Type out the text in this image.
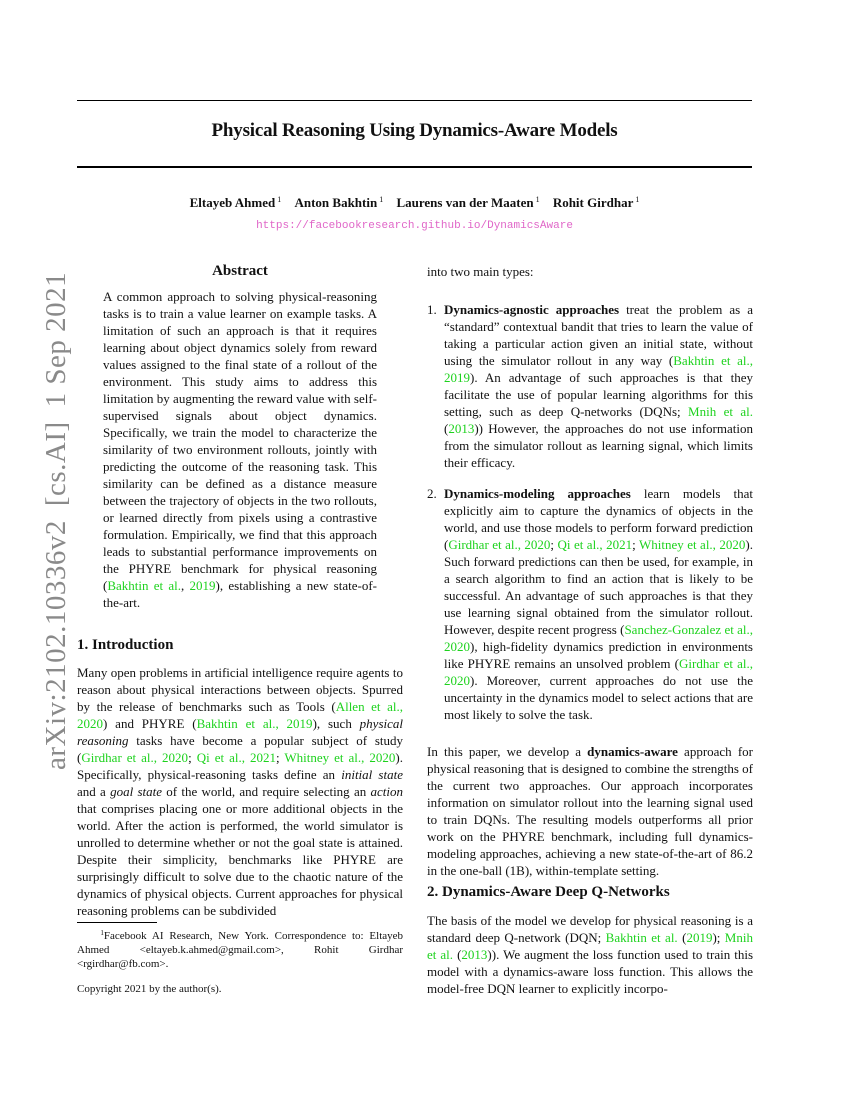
arXiv:2102.10336v2[cs.AI]1 Sep 2021
Physical Reasoning Using Dynamics-Aware Models
Eltayeb Ahmed $^1$ Anton Bakhtin $^1$ Laurens van der Maaten $^1$ Rohit Girdhar $^1$
https://facebookresearch.github.io/DynamicsAware
Abstract
A common approach to solving physical-reasoning tasks is to train a value learner on example tasks. A limitation of such an approach is that it requires learning about object dynamics solely from reward values assigned to the final state of a rollout of the environment. This study aims to address this limitation by augmenting the reward value with self-supervised signals about object dynamics. Specifically, we train the model to characterize the similarity of two environment rollouts, jointly with predicting the outcome of the reasoning task. This similarity can be defined as a distance measure between the trajectory of objects in the two rollouts, or learned directly from pixels using a contrastive formulation. Empirically, we find that this approach leads to substantial performance improvements on the PHYRE benchmark for physical reasoning (Bakhtin et al., 2019), establishing a new state-of-the-art.
1. Introduction

Many open problems in artificial intelligence require agents to reason about physical interactions between objects. Spurred by the release of benchmarks such as Tools (Allen et al., 2020) and PHYRE (Bakhtin et al., 2019), such physical reasoning tasks have become a popular subject of study (Girdhar et al., 2020; Qi et al., 2021; Whitney et al., 2020). Specifically, physical-reasoning tasks define an initial state and a goal state of the world, and require selecting an action that comprises placing one or more additional objects in the world. After the action is performed, the world simulator is unrolled to determine whether or not the goal state is attained. Despite their simplicity, benchmarks like PHYRE are surprisingly difficult to solve due to the chaotic nature of the dynamics of physical objects. Current approaches for physical reasoning problems can be subdivided

$^1$Facebook AI Research, New York. Correspondence to: Eltayeb Ahmed <eltayeb.k.ahmed@gmail.com>, Rohit Girdhar <rgirdhar@fb.com>.
Copyright 2021 by the author(s).

into two main types:

1. Dynamics-agnostic approaches treat the problem as a “standard” contextual bandit that tries to learn the value of taking a particular action given an initial state, without using the simulator rollout in any way (Bakhtin et al., 2019). An advantage of such approaches is that they facilitate the use of popular learning algorithms for this setting, such as deep Q-networks (DQNs; Mnih et al. (2013)) However, the approaches do not use information from the simulator rollout as learning signal, which limits their efficacy.
2. Dynamics-modeling approaches learn models that explicitly aim to capture the dynamics of objects in the world, and use those models to perform forward prediction (Girdhar et al., 2020; Qi et al., 2021; Whitney et al., 2020). Such forward predictions can then be used, for example, in a search algorithm to find an action that is likely to be successful. An advantage of such approaches is that they use learning signal obtained from the simulator rollout. However, despite recent progress (Sanchez-Gonzalez et al., 2020), high-fidelity dynamics prediction in environments like PHYRE remains an unsolved problem (Girdhar et al., 2020). Moreover, current approaches do not use the uncertainty in the dynamics model to select actions that are most likely to solve the task.

In this paper, we develop a dynamics-aware approach for physical reasoning that is designed to combine the strengths of the current two approaches. Our approach incorporates information on simulator rollout into the learning signal used to train DQNs. The resulting models outperforms all prior work on the PHYRE benchmark, including full dynamics-modeling approaches, achieving a new state-of-the-art of 86.2 in the one-ball (1B), within-template setting.

2. Dynamics-Aware Deep Q-Networks

The basis of the model we develop for physical reasoning is a standard deep Q-network (DQN; Bakhtin et al. (2019); Mnih et al. (2013)). We augment the loss function used to train this model with a dynamics-aware loss function. This allows the model-free DQN learner to explicitly incorpo-
